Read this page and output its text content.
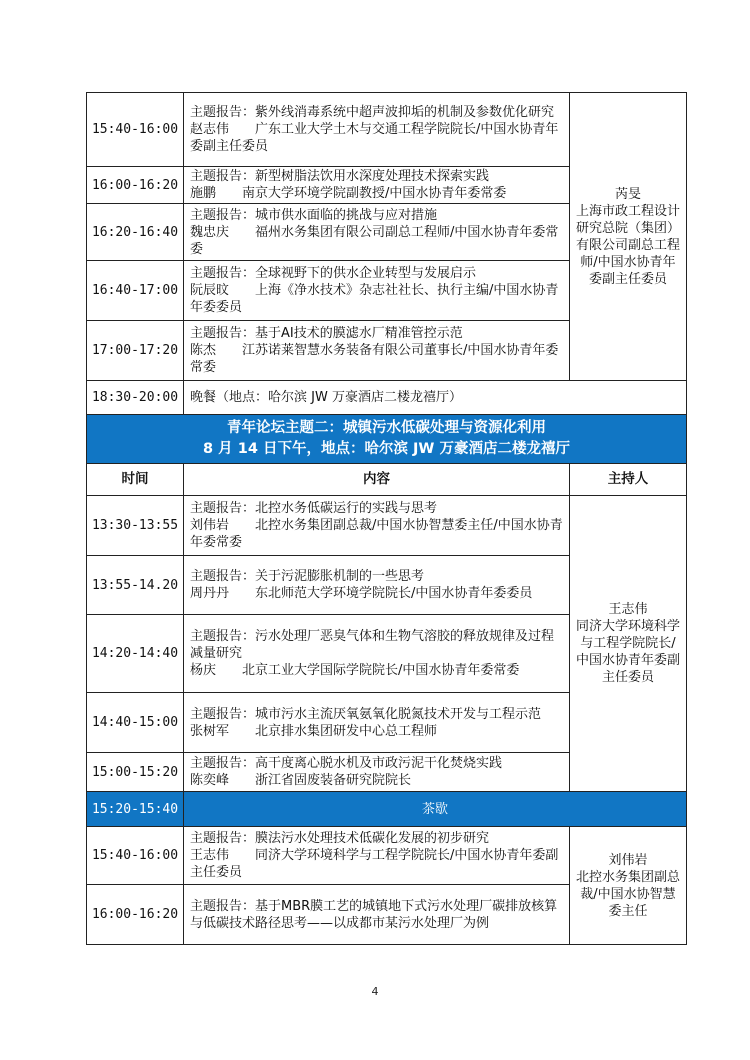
15:40-16:00	主题报告：紫外线消毒系统中超声波抑垢的机制及参数优化研究
赵志伟　　广东工业大学土木与交通工程学院院长/中国水协青年委副主任委员	芮旻
上海市政工程设计研究总院（集团）有限公司副总工程师/中国水协青年委副主任委员

16:00-16:20	主题报告：新型树脂法饮用水深度处理技术探索实践
施鹏　　南京大学环境学院副教授/中国水协青年委常委	

16:20-16:40	主题报告：城市供水面临的挑战与应对措施
魏忠庆　　福州水务集团有限公司副总工程师/中国水协青年委常委	

16:40-17:00	主题报告：全球视野下的供水企业转型与发展启示
阮辰旼　　上海《净水技术》杂志社社长、执行主编/中国水协青年委委员	

17:00-17:20	主题报告：基于AI技术的膜滤水厂精准管控示范
陈杰　　江苏诺莱智慧水务装备有限公司董事长/中国水协青年委常委	

18:30-20:00	晚餐（地点：哈尔滨 JW 万豪酒店二楼龙禧厅）	

青年论坛主题二：城镇污水低碳处理与资源化利用
8 月 14 日下午，地点：哈尔滨 JW 万豪酒店二楼龙禧厅		

时间	内容	主持人
13:30-13:55	主题报告：北控水务低碳运行的实践与思考
刘伟岩　　北控水务集团副总裁/中国水协智慧委主任/中国水协青年委常委	王志伟
同济大学环境科学与工程学院院长/中国水协青年委副主任委员

13:55-14.20	主题报告：关于污泥膨胀机制的一些思考
周丹丹　　东北师范大学环境学院院长/中国水协青年委委员	

14:20-14:40	主题报告：污水处理厂恶臭气体和生物气溶胶的释放规律及过程减量研究
杨庆　　北京工业大学国际学院院长/中国水协青年委常委	

14:40-15:00	主题报告：城市污水主流厌氧氨氧化脱氮技术开发与工程示范
张树军　　北京排水集团研发中心总工程师	

15:00-15:20	主题报告：高干度离心脱水机及市政污泥干化焚烧实践
陈奕峰　　浙江省固废装备研究院院长	

15:20-15:40	茶歇	
15:40-16:00	主题报告：膜法污水处理技术低碳化发展的初步研究
王志伟　　同济大学环境科学与工程学院院长/中国水协青年委副主任委员	刘伟岩
北控水务集团副总裁/中国水协智慧委主任

16:00-16:20	主题报告：基于MBR膜工艺的城镇地下式污水处理厂碳排放核算与低碳技术路径思考——以成都市某污水处理厂为例	
4
